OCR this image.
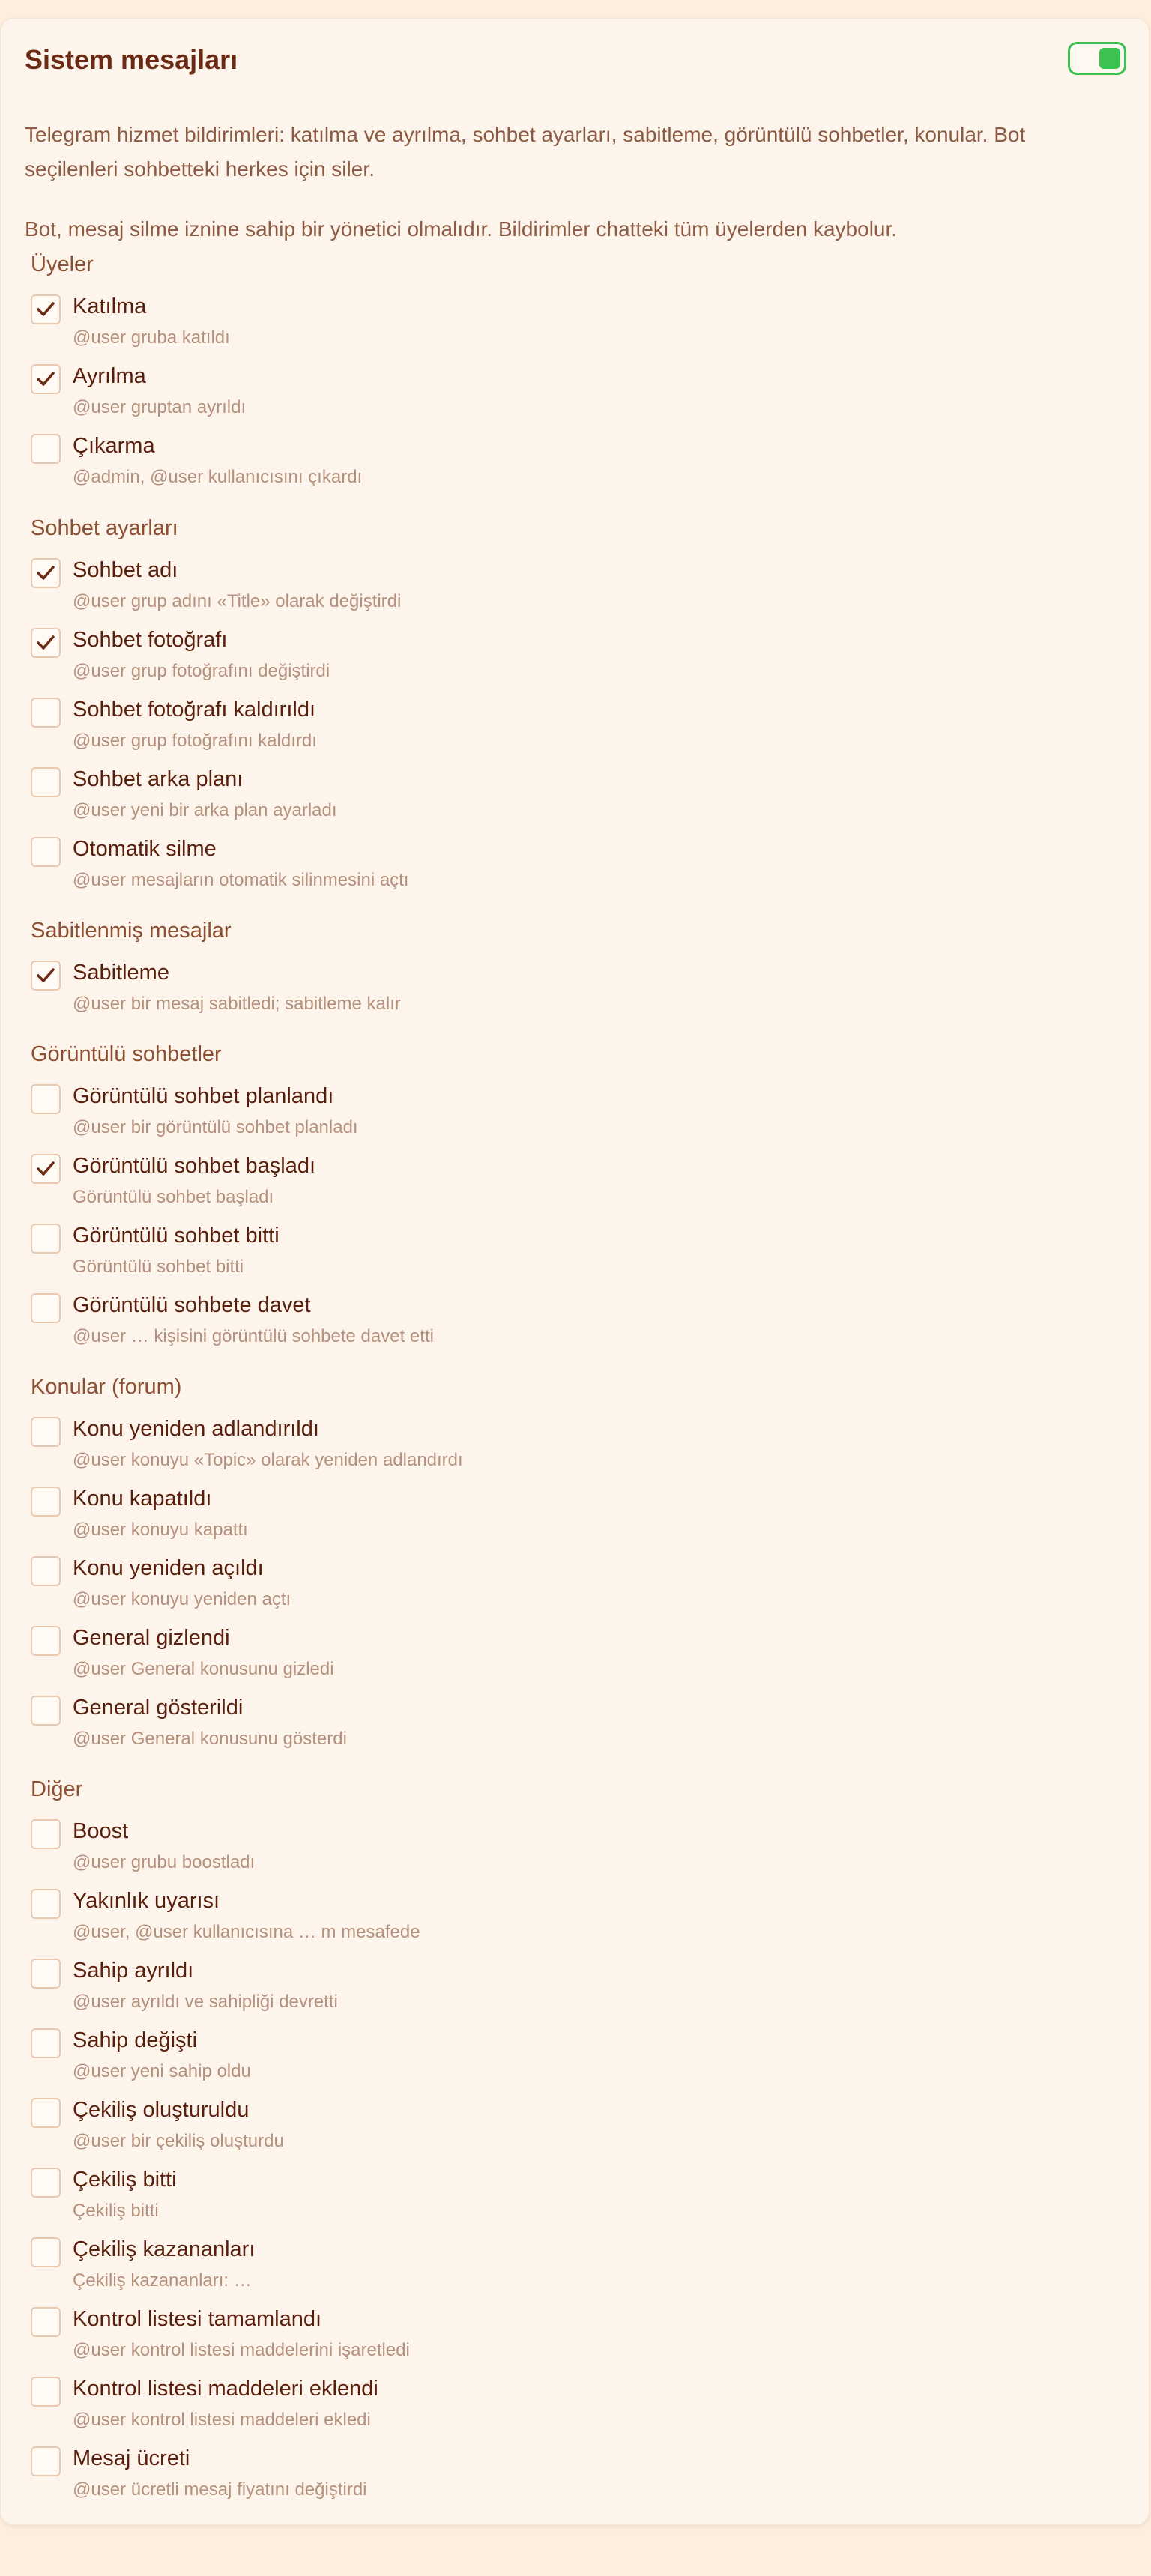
Sistem mesajları
Telegram hizmet bildirimleri: katılma ve ayrılma, sohbet ayarları, sabitleme, görüntülü sohbetler, konular. Bot seçilenleri sohbetteki herkes için siler.
Bot, mesaj silme iznine sahip bir yönetici olmalıdır. Bildirimler chatteki tüm üyelerden kaybolur.
Üyeler
Katılma
@user gruba katıldı
Ayrılma
@user gruptan ayrıldı
Çıkarma
@admin, @user kullanıcısını çıkardı
Sohbet ayarları
Sohbet adı
@user grup adını «Title» olarak değiştirdi
Sohbet fotoğrafı
@user grup fotoğrafını değiştirdi
Sohbet fotoğrafı kaldırıldı
@user grup fotoğrafını kaldırdı
Sohbet arka planı
@user yeni bir arka plan ayarladı
Otomatik silme
@user mesajların otomatik silinmesini açtı
Sabitlenmiş mesajlar
Sabitleme
@user bir mesaj sabitledi; sabitleme kalır
Görüntülü sohbetler
Görüntülü sohbet planlandı
@user bir görüntülü sohbet planladı
Görüntülü sohbet başladı
Görüntülü sohbet başladı
Görüntülü sohbet bitti
Görüntülü sohbet bitti
Görüntülü sohbete davet
@user … kişisini görüntülü sohbete davet etti
Konular (forum)
Konu yeniden adlandırıldı
@user konuyu «Topic» olarak yeniden adlandırdı
Konu kapatıldı
@user konuyu kapattı
Konu yeniden açıldı
@user konuyu yeniden açtı
General gizlendi
@user General konusunu gizledi
General gösterildi
@user General konusunu gösterdi
Diğer
Boost
@user grubu boostladı
Yakınlık uyarısı
@user, @user kullanıcısına … m mesafede
Sahip ayrıldı
@user ayrıldı ve sahipliği devretti
Sahip değişti
@user yeni sahip oldu
Çekiliş oluşturuldu
@user bir çekiliş oluşturdu
Çekiliş bitti
Çekiliş bitti
Çekiliş kazananları
Çekiliş kazananları: …
Kontrol listesi tamamlandı
@user kontrol listesi maddelerini işaretledi
Kontrol listesi maddeleri eklendi
@user kontrol listesi maddeleri ekledi
Mesaj ücreti
@user ücretli mesaj fiyatını değiştirdi
